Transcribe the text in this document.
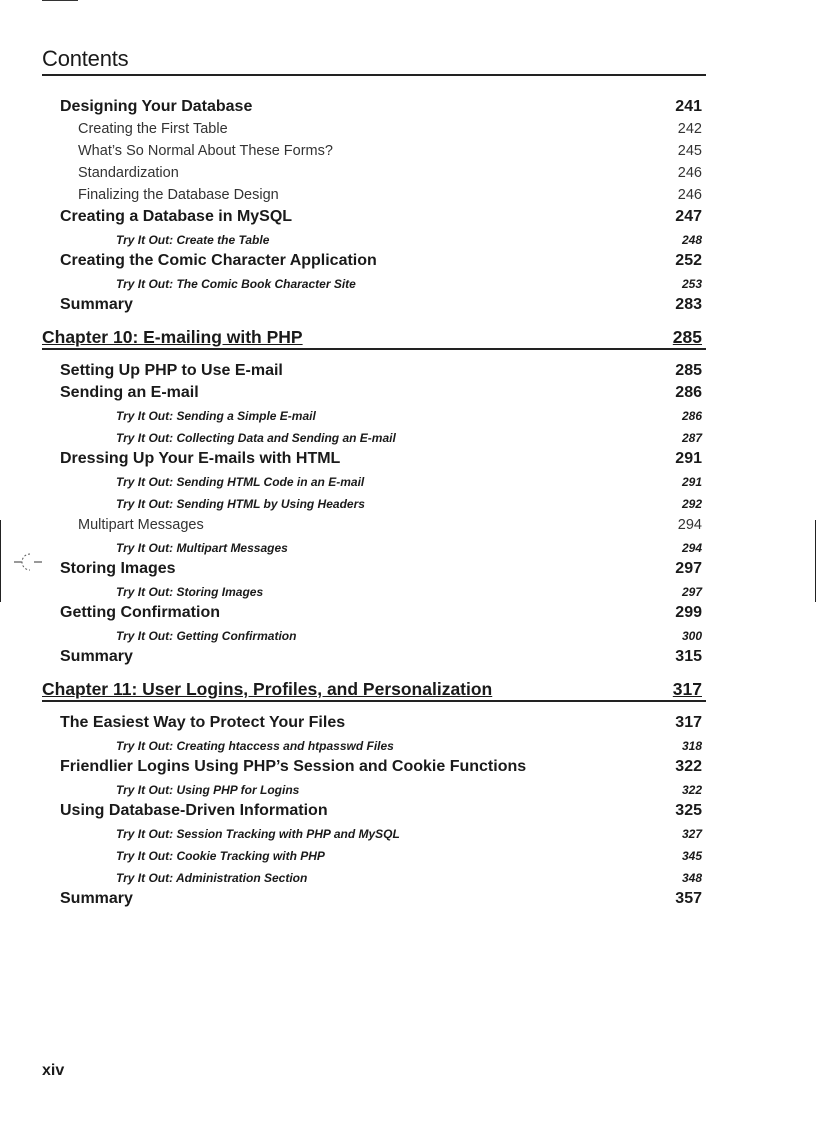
Contents
Designing Your Database	241
Creating the First Table	242
What’s So Normal About These Forms?	245
Standardization	246
Finalizing the Database Design	246
Creating a Database in MySQL	247
Try It Out: Create the Table	248
Creating the Comic Character Application	252
Try It Out: The Comic Book Character Site	253
Summary	283
Chapter 10: E-mailing with PHP	285
Setting Up PHP to Use E-mail	285
Sending an E-mail	286
Try It Out: Sending a Simple E-mail	286
Try It Out: Collecting Data and Sending an E-mail	287
Dressing Up Your E-mails with HTML	291
Try It Out: Sending HTML Code in an E-mail	291
Try It Out: Sending HTML by Using Headers	292
Multipart Messages	294
Try It Out: Multipart Messages	294
Storing Images	297
Try It Out: Storing Images	297
Getting Confirmation	299
Try It Out: Getting Confirmation	300
Summary	315
Chapter 11: User Logins, Profiles, and Personalization	317
The Easiest Way to Protect Your Files	317
Try It Out: Creating htaccess and htpasswd Files	318
Friendlier Logins Using PHP’s Session and Cookie Functions	322
Try It Out: Using PHP for Logins	322
Using Database-Driven Information	325
Try It Out: Session Tracking with PHP and MySQL	327
Try It Out: Cookie Tracking with PHP	345
Try It Out: Administration Section	348
Summary	357
xiv
